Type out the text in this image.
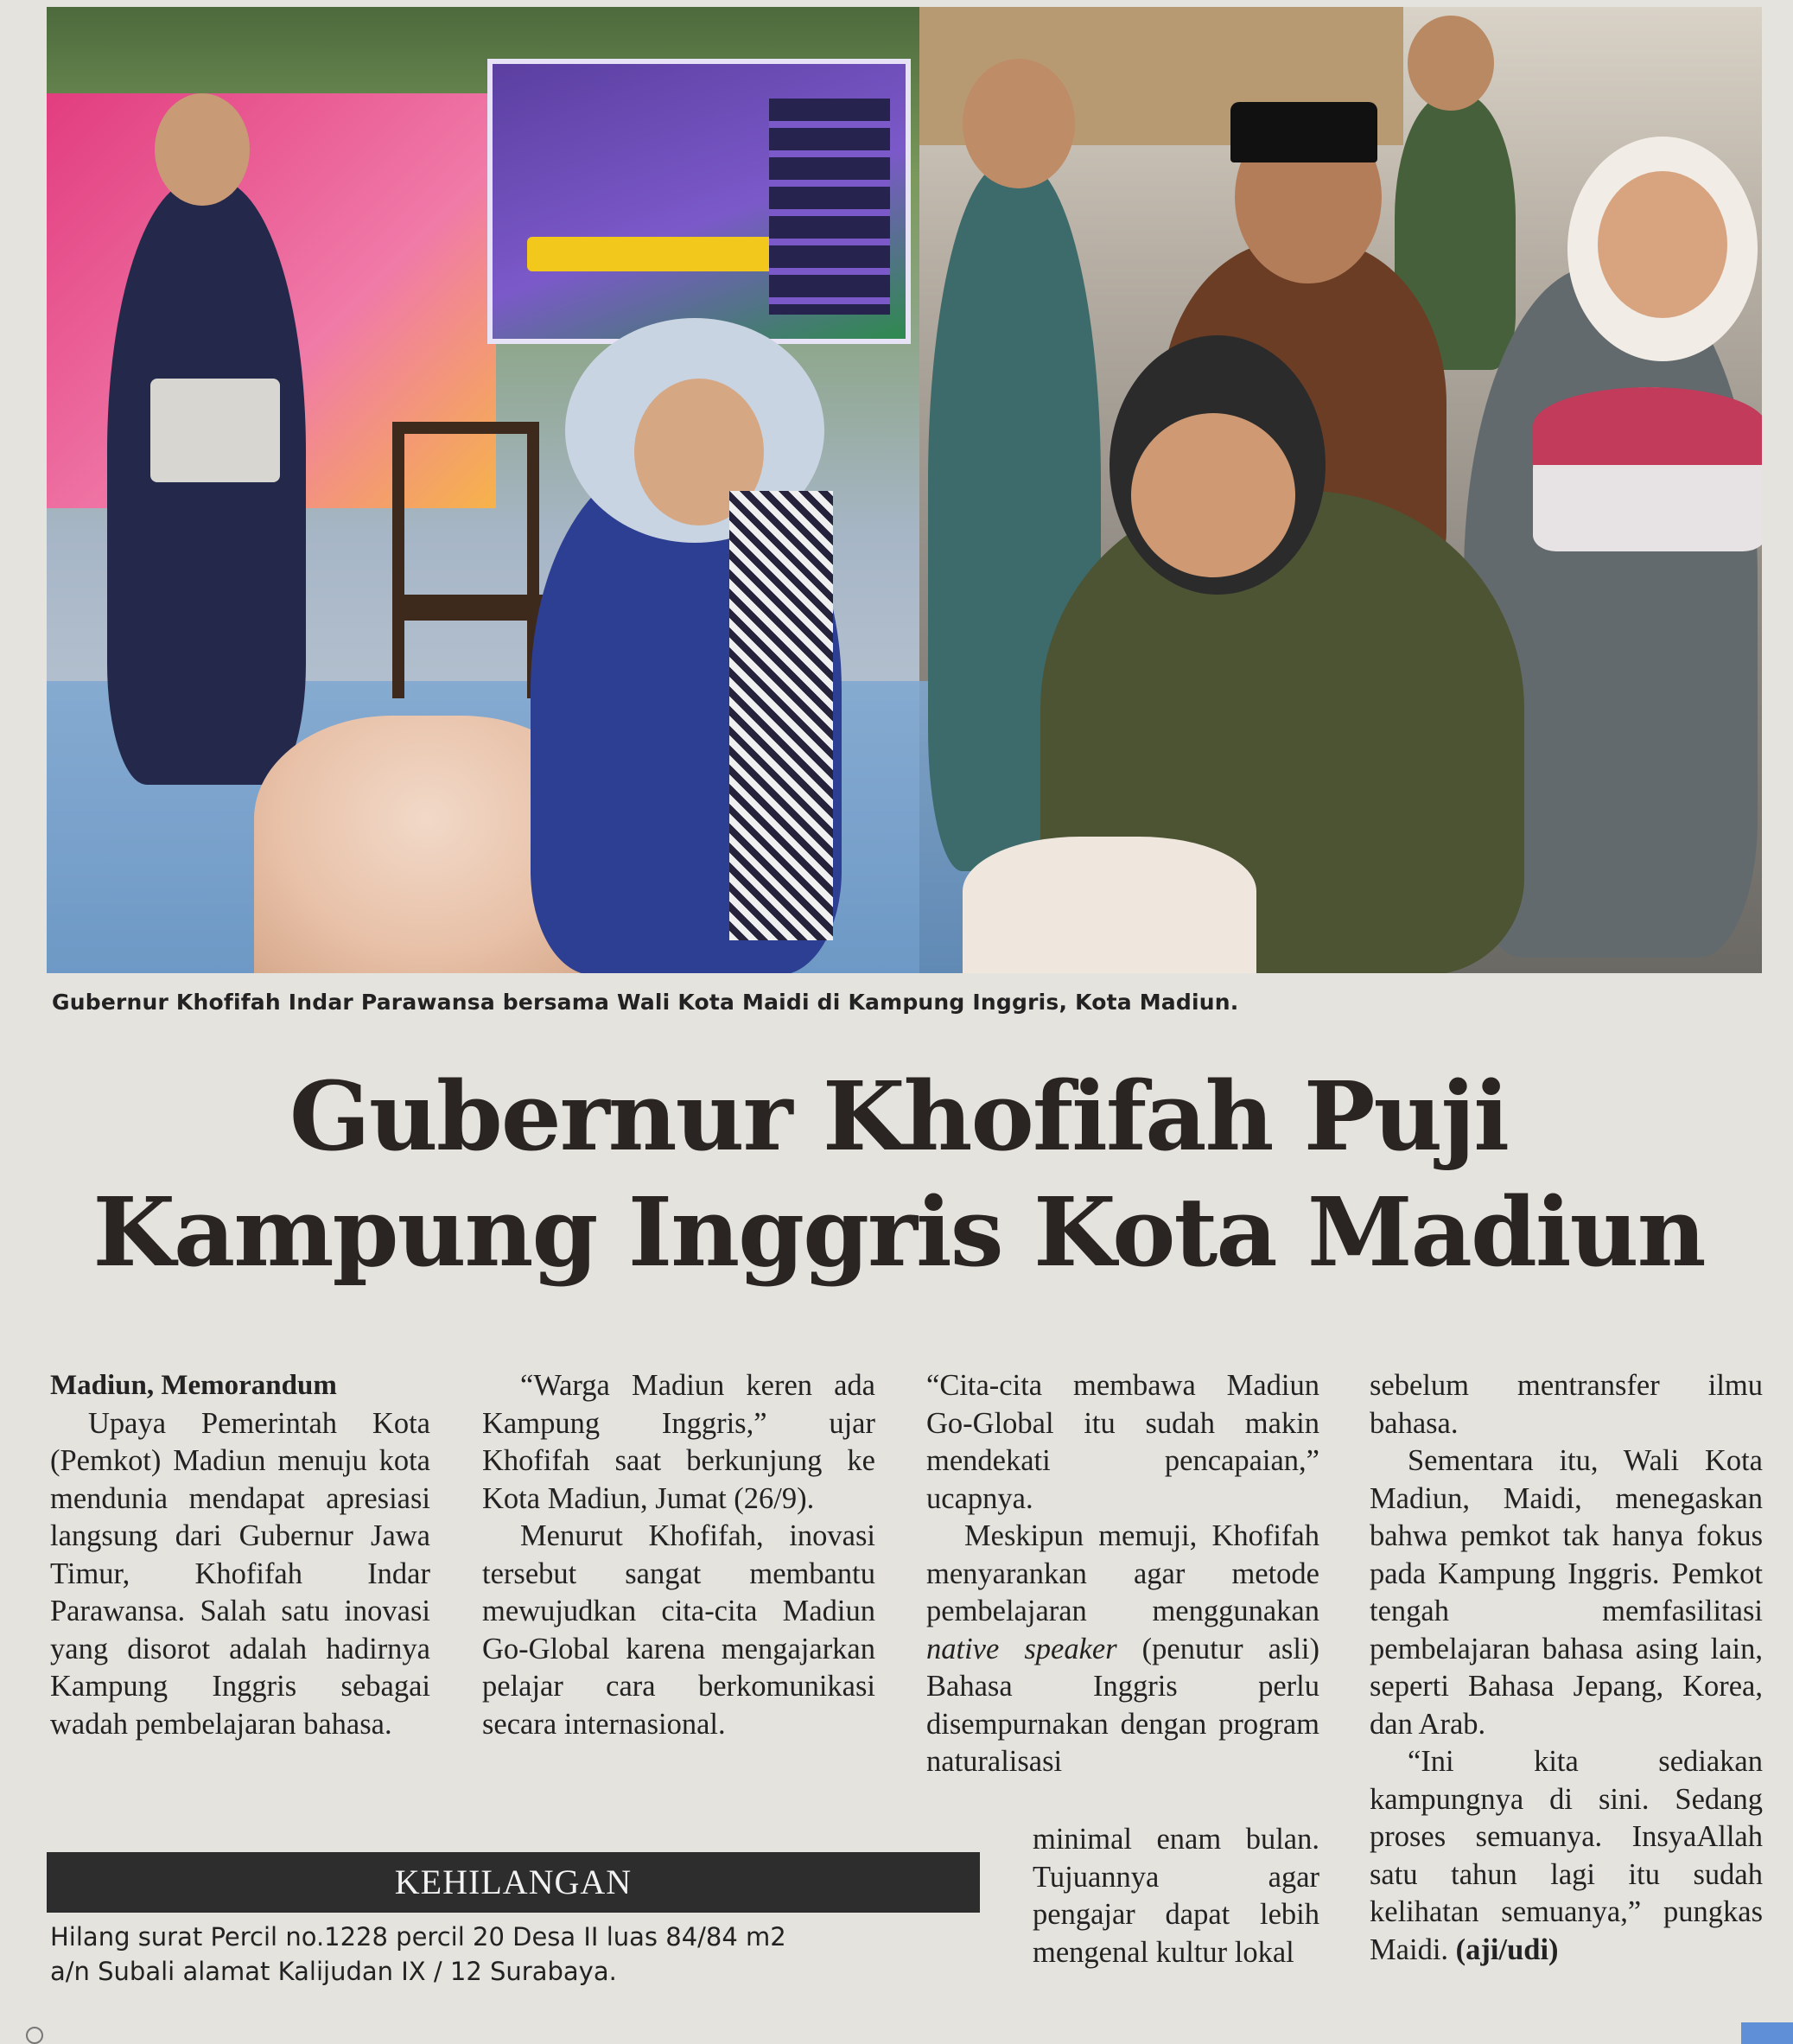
Gubernur Khofifah Indar Parawansa bersama Wali Kota Maidi di Kampung Inggris, Kota Madiun.
Gubernur Khofifah Puji
Kampung Inggris Kota Madiun
Madiun, Memorandum

Upaya Pemerintah Kota (Pemkot) Madiun menuju kota mendunia mendapat apresiasi langsung dari Gubernur Jawa Timur, Khofifah Indar Parawansa. Salah satu inovasi yang disorot adalah hadirnya Kampung Inggris sebagai wadah pembelajaran bahasa.

“Warga Madiun keren ada Kampung Inggris,” ujar Khofifah saat berkunjung ke Kota Madiun, Jumat (26/9).

Menurut Khofifah, inovasi tersebut sangat membantu mewujudkan cita-cita Madiun Go-Global karena mengajarkan pelajar cara berkomunikasi secara internasional.

“Cita-cita membawa Madiun Go-Global itu sudah makin mendekati pencapaian,” ucapnya.

Meskipun memuji, Khofifah menyarankan agar metode pembelajaran menggunakan native speaker (penutur asli) Bahasa Inggris perlu disempurnakan dengan program naturalisasi

minimal enam bulan. Tujuannya agar pengajar dapat lebih mengenal kultur lokal

sebelum mentransfer ilmu bahasa.

Sementara itu, Wali Kota Madiun, Maidi, menegaskan bahwa pemkot tak hanya fokus pada Kampung Inggris. Pemkot tengah memfasilitasi pembelajaran bahasa asing lain, seperti Bahasa Jepang, Korea, dan Arab.

“Ini kita sediakan kampungnya di sini. Sedang proses semuanya. InsyaAllah satu tahun lagi itu sudah kelihatan semuanya,” pungkas Maidi. (aji/udi)

KEHILANGAN
Hilang surat Percil no.1228 percil 20 Desa II luas 84/84 m2
a/n Subali alamat Kalijudan IX / 12 Surabaya.
